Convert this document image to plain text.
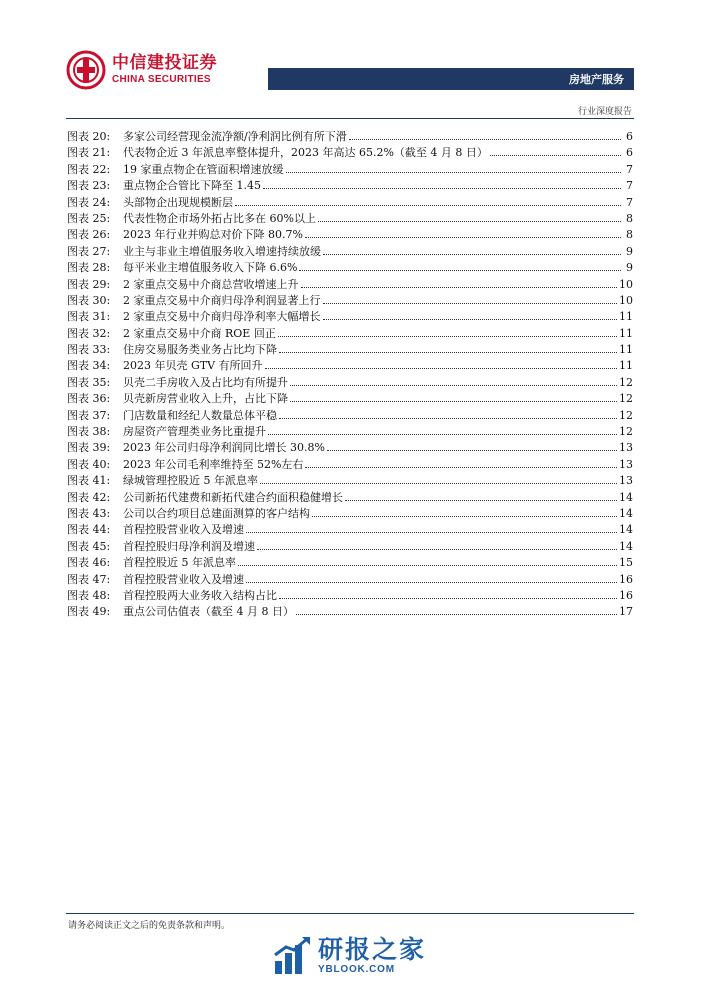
中信建投证券
CHINA SECURITIES	房地产服务
行业深度报告
图表 20:	多家公司经营现金流净额/净利润比例有所下滑	6
图表 21:	代表物企近 3 年派息率整体提升，2023 年高达 65.2%（截至 4 月 8 日）	6
图表 22:	19 家重点物企在管面积增速放缓	7
图表 23:	重点物企合管比下降至 1.45	7
图表 24:	头部物企出现规模断层	7
图表 25:	代表性物企市场外拓占比多在 60%以上	8
图表 26:	2023 年行业并购总对价下降 80.7%	8
图表 27:	业主与非业主增值服务收入增速持续放缓	9
图表 28:	每平米业主增值服务收入下降 6.6%	9
图表 29:	2 家重点交易中介商总营收增速上升	10
图表 30:	2 家重点交易中介商归母净利润显著上行	10
图表 31:	2 家重点交易中介商归母净利率大幅增长	11
图表 32:	2 家重点交易中介商 ROE 回正	11
图表 33:	住房交易服务类业务占比均下降	11
图表 34:	2023 年贝壳 GTV 有所回升	11
图表 35:	贝壳二手房收入及占比均有所提升	12
图表 36:	贝壳新房营业收入上升，占比下降	12
图表 37:	门店数量和经纪人数量总体平稳	12
图表 38:	房屋资产管理类业务比重提升	12
图表 39:	2023 年公司归母净利润同比增长 30.8%	13
图表 40:	2023 年公司毛利率维持至 52%左右	13
图表 41:	绿城管理控股近 5 年派息率	13
图表 42:	公司新拓代建费和新拓代建合约面积稳健增长	14
图表 43:	公司以合约项目总建面测算的客户结构	14
图表 44:	首程控股营业收入及增速	14
图表 45:	首程控股归母净利润及增速	14
图表 46:	首程控股近 5 年派息率	15
图表 47:	首程控股营业收入及增速	16
图表 48:	首程控股两大业务收入结构占比	16
图表 49:	重点公司估值表（截至 4 月 8 日）	17
请务必阅读正文之后的免责条款和声明。
研报之家
YBLOOK.COM
